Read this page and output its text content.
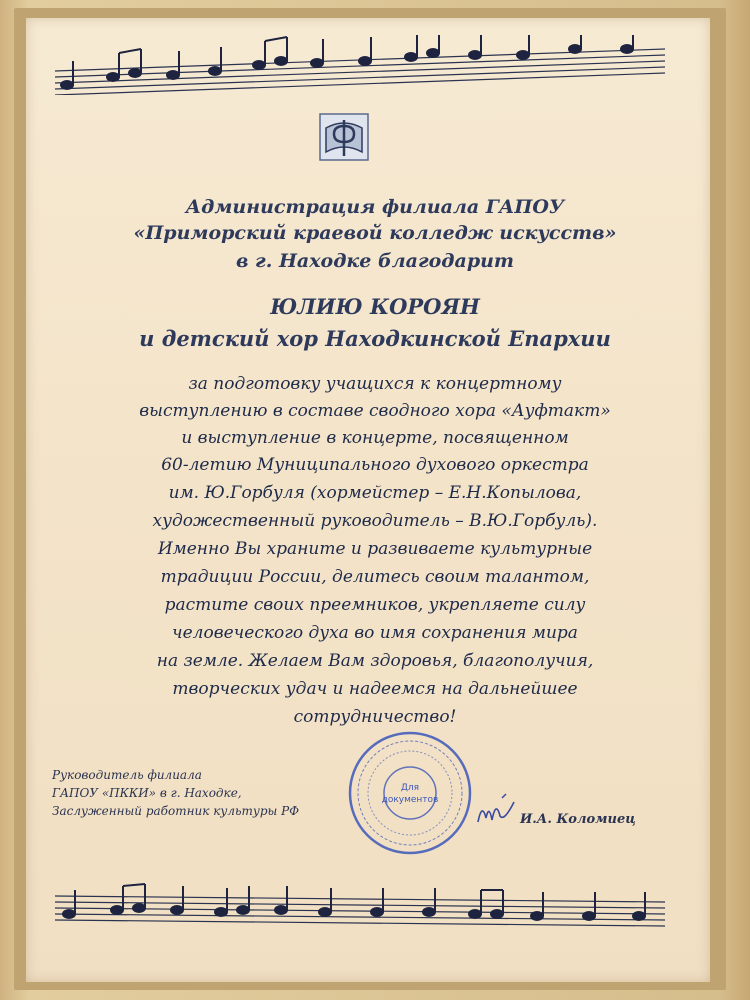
Администрация филиала ГАПОУ
«Приморский краевой колледж искусств»
в г. Находке благодарит
ЮЛИЮ КОРОЯН
и детский хор Находкинской Епархии
за подготовку учащихся к концертному
выступлению в составе сводного хора «Ауфтакт»
и выступление в концерте, посвященном
60-летию Муниципального духового оркестра
им. Ю.Горбуля (хормейстер – Е.Н.Копылова,
художественный руководитель – В.Ю.Горбуль).
Именно Вы храните и развиваете культурные
традиции России, делитесь своим талантом,
растите своих преемников, укрепляете силу
человеческого духа во имя сохранения мира
на земле. Желаем Вам здоровья, благополучия,
творческих удач и надеемся на дальнейшее
сотрудничество!
Руководитель филиала
ГАПОУ «ПККИ» в г. Находке,
Заслуженный работник культуры РФ
И.А. Коломиец
Для
документов
